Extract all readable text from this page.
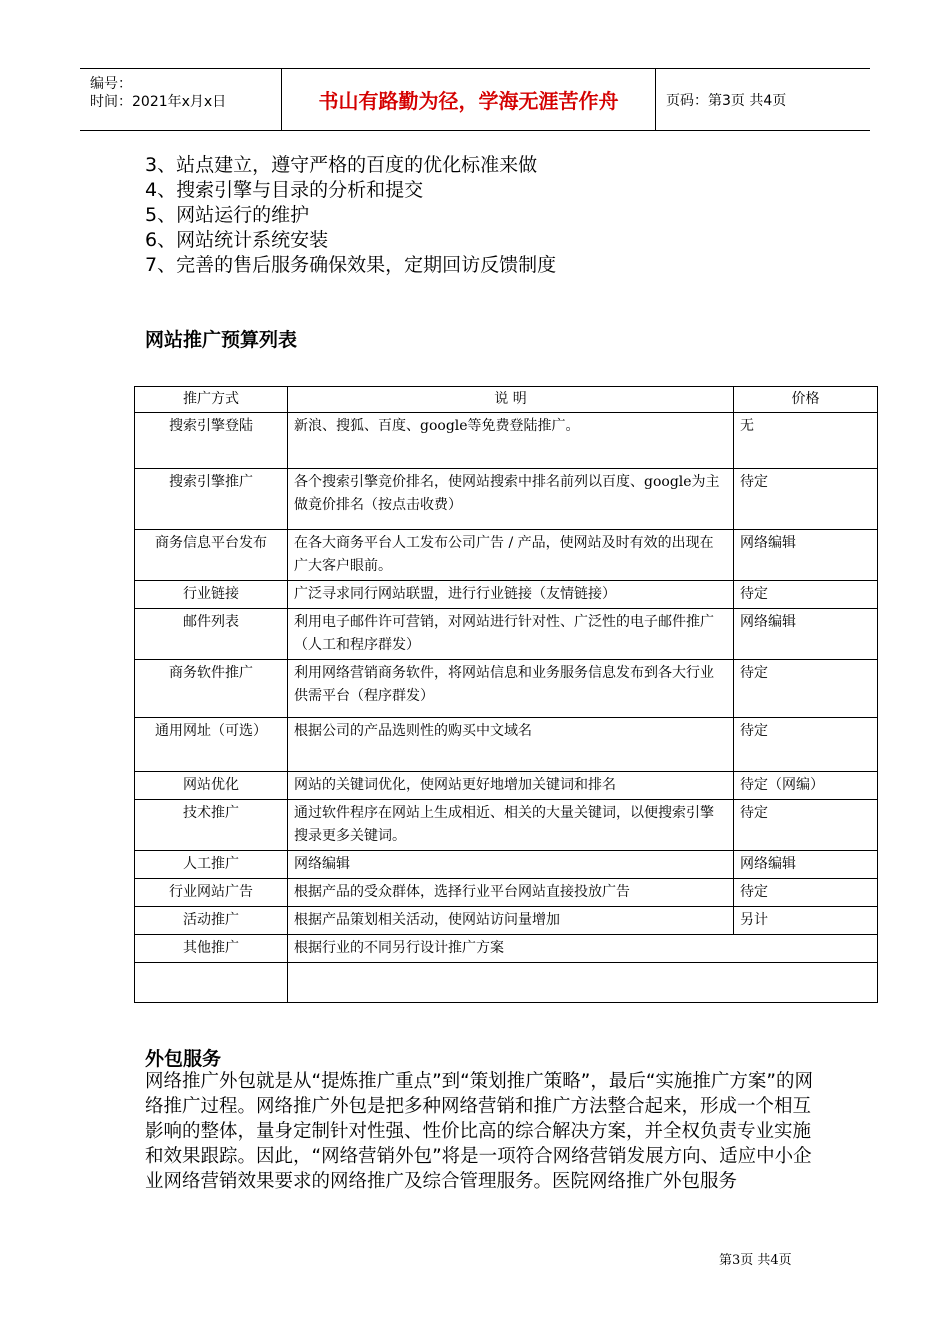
编号：
时间：2021年x月x日	书山有路勤为径，学海无涯苦作舟	页码：第3页 共4页
3、站点建立，遵守严格的百度的优化标准来做
4、搜索引擎与目录的分析和提交
5、网站运行的维护
6、网站统计系统安装
7、完善的售后服务确保效果，定期回访反馈制度
网站推广预算列表
推广方式	说 明	价格
搜索引擎登陆	新浪、搜狐、百度、google等免费登陆推广。	无
搜索引擎推广	各个搜索引擎竞价排名，使网站搜索中排名前列以百度、google为主做竟价排名（按点击收费）	待定
商务信息平台发布	在各大商务平台人工发布公司广告 / 产品，使网站及时有效的出现在广大客户眼前。	网络编辑
行业链接	广泛寻求同行网站联盟，进行行业链接（友情链接）	待定
邮件列表	利用电子邮件许可营销，对网站进行针对性、广泛性的电子邮件推广（人工和程序群发）	网络编辑
商务软件推广	利用网络营销商务软件，将网站信息和业务服务信息发布到各大行业供需平台（程序群发）	待定
通用网址（可选）	根据公司的产品选则性的购买中文域名	待定
网站优化	网站的关键词优化，使网站更好地增加关键词和排名	待定（网编）
技术推广	通过软件程序在网站上生成相近、相关的大量关键词，以便搜索引擎搜录更多关键词。	待定
人工推广	网络编辑	网络编辑
行业网站广告	根据产品的受众群体，选择行业平台网站直接投放广告	待定
活动推广	根据产品策划相关活动，使网站访问量增加	另计
其他推广	根据行业的不同另行设计推广方案	

外包服务
网络推广外包就是从“提炼推广重点”到“策划推广策略”，最后“实施推广方案”的网络推广过程。网络推广外包是把多种网络营销和推广方法整合起来，形成一个相互影响的整体，量身定制针对性强、性价比高的综合解决方案，并全权负责专业实施和效果跟踪。因此，“网络营销外包”将是一项符合网络营销发展方向、适应中小企业网络营销效果要求的网络推广及综合管理服务。医院网络推广外包服务
第3页 共4页
